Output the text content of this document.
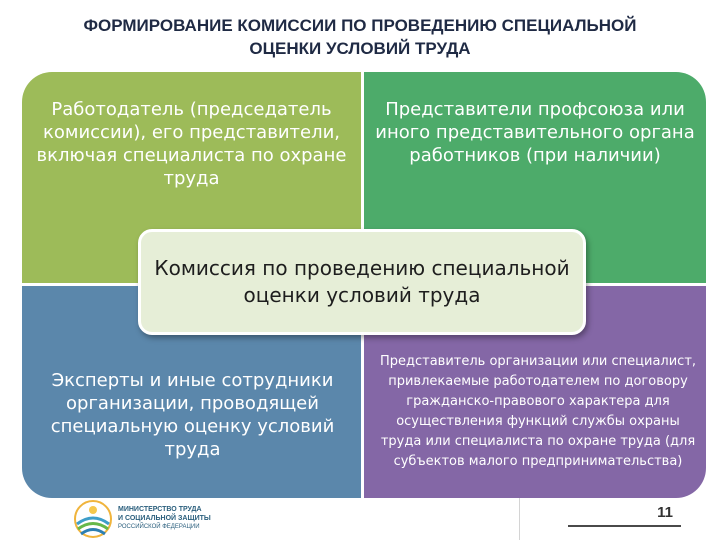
ФОРМИРОВАНИЕ КОМИССИИ ПО ПРОВЕДЕНИЮ СПЕЦИАЛЬНОЙ
ОЦЕНКИ УСЛОВИЙ ТРУДА
Работодатель (председатель комиссии), его представители, включая специалиста по охране труда
Представители профсоюза или иного представительного органа работников (при наличии)
Эксперты и иные сотрудники организации, проводящей специальную оценку условий труда
Представитель организации или специалист, привлекаемые работодателем по договору гражданско-правового характера для осуществления функций службы охраны труда или специалиста по охране труда (для субъектов малого предпринимательства)
Комиссия по проведению специальной оценки условий труда
МИНИСТЕРСТВО ТРУДА
И СОЦИАЛЬНОЙ ЗАЩИТЫ
РОССИЙСКОЙ ФЕДЕРАЦИИ
11
